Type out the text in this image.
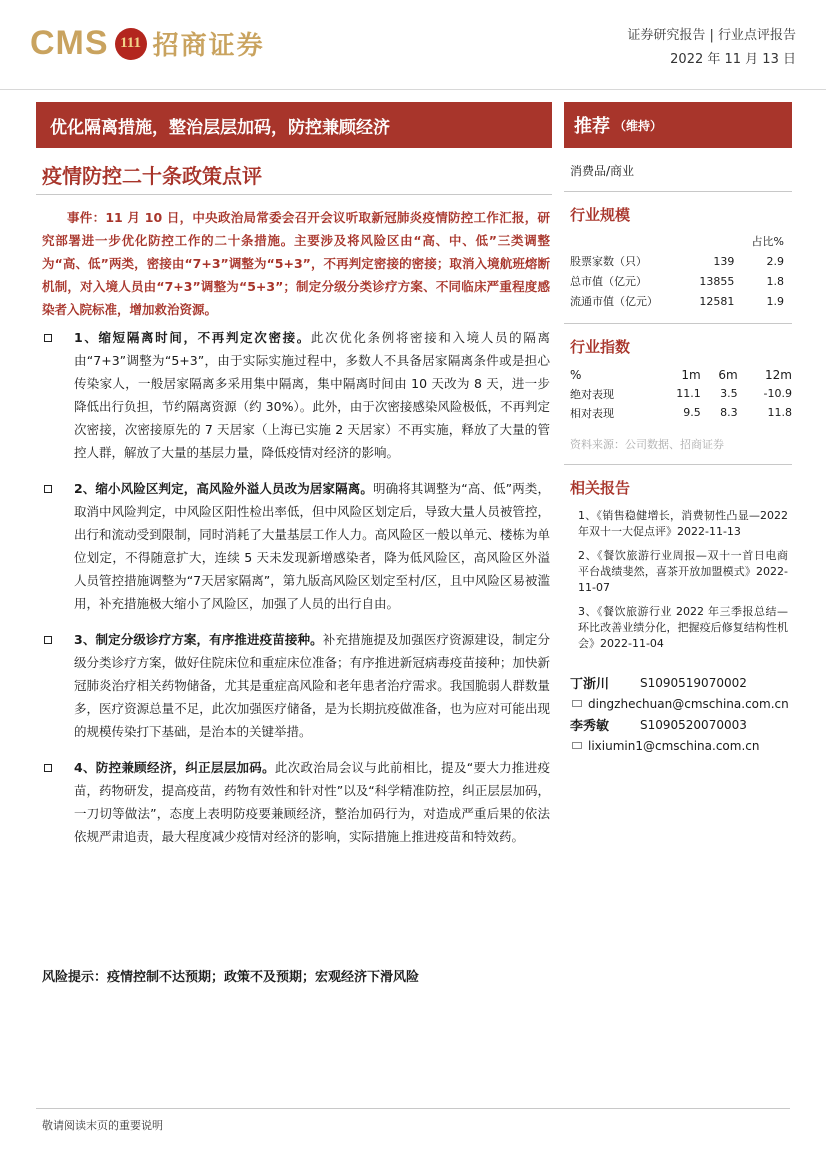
CMS 111 招商证券	证券研究报告 | 行业点评报告
2022 年 11 月 13 日
优化隔离措施，整治层层加码，防控兼顾经济
疫情防控二十条政策点评

事件：11 月 10 日，中央政治局常委会召开会议听取新冠肺炎疫情防控工作汇报，研究部署进一步优化防控工作的二十条措施。主要涉及将风险区由“高、中、低”三类调整为“高、低”两类，密接由“7+3”调整为“5+3”，不再判定密接的密接；取消入境航班熔断机制，对入境人员由“7+3”调整为“5+3”；制定分级分类诊疗方案、不同临床严重程度感染者入院标准，增加救治资源。

1、缩短隔离时间，不再判定次密接。此次优化条例将密接和入境人员的隔离由“7+3”调整为“5+3”，由于实际实施过程中，多数人不具备居家隔离条件或是担心传染家人，一般居家隔离多采用集中隔离，集中隔离时间由 10 天改为 8 天，进一步降低出行负担，节约隔离资源（约 30%）。此外，由于次密接感染风险极低，不再判定次密接，次密接原先的 7 天居家（上海已实施 2 天居家）不再实施，释放了大量的管控人群，解放了大量的基层力量，降低疫情对经济的影响。
2、缩小风险区判定，高风险外溢人员改为居家隔离。明确将其调整为“高、低”两类，取消中风险判定，中风险区阳性检出率低，但中风险区划定后，导致大量人员被管控，出行和流动受到限制，同时消耗了大量基层工作人力。高风险区一般以单元、楼栋为单位划定，不得随意扩大，连续 5 天未发现新增感染者，降为低风险区，高风险区外溢人员管控措施调整为“7天居家隔离”，第九版高风险区划定至村/区，且中风险区易被滥用，补充措施极大缩小了风险区，加强了人员的出行自由。
3、制定分级诊疗方案，有序推进疫苗接种。补充措施提及加强医疗资源建设，制定分级分类诊疗方案，做好住院床位和重症床位准备；有序推进新冠病毒疫苗接种；加快新冠肺炎治疗相关药物储备，尤其是重症高风险和老年患者治疗需求。我国脆弱人群数量多，医疗资源总量不足，此次加强医疗储备，是为长期抗疫做准备，也为应对可能出现的规模传染打下基础，是治本的关键举措。
4、防控兼顾经济，纠正层层加码。此次政治局会议与此前相比，提及“要大力推进疫苗，药物研发，提高疫苗，药物有效性和针对性”以及“科学精准防控，纠正层层加码，一刀切等做法”，态度上表明防疫要兼顾经济，整治加码行为，对造成严重后果的依法依规严肃追责，最大程度减少疫情对经济的影响，实际措施上推进疫苗和特效药。
风险提示：疫情控制不达预期；政策不及预期；宏观经济下滑风险
推荐 （维持）
消费品/商业
行业规模
		占比%
股票家数（只）	139	2.9
总市值（亿元）	13855	1.8
流通市值（亿元）	12581	1.9
行业指数
%	1m	6m	12m
绝对表现	11.1	3.5	-10.9
相对表现	9.5	8.3	11.8
资料来源：公司数据、招商证券
相关报告
1、《销售稳健增长，消费韧性凸显—2022 年双十一大促点评》2022-11-13
2、《餐饮旅游行业周报—双十一首日电商平台战绩斐然，喜茶开放加盟模式》2022-11-07
3、《餐饮旅游行业 2022 年三季报总结—环比改善业绩分化，把握疫后修复结构性机会》2022-11-04
丁浙川	S1090519070002
dingzhechuan@cmschina.com.cn
李秀敏	S1090520070003
lixiumin1@cmschina.com.cn
敬请阅读末页的重要说明
